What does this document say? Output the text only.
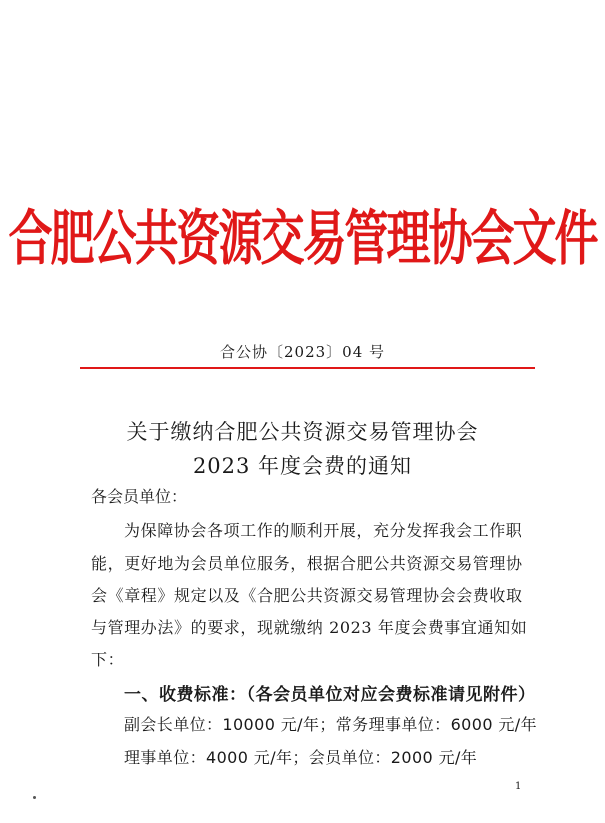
合肥公共资源交易管理协会文件
合公协〔2023〕04 号
关于缴纳合肥公共资源交易管理协会
2023 年度会费的通知
各会员单位：
为保障协会各项工作的顺利开展，充分发挥我会工作职
能，更好地为会员单位服务，根据合肥公共资源交易管理协
会《章程》规定以及《合肥公共资源交易管理协会会费收取
与管理办法》的要求，现就缴纳 2023 年度会费事宜通知如
下：
一、收费标准：（各会员单位对应会费标准请见附件）
副会长单位：10000 元/年；常务理事单位：6000 元/年
理事单位：4000 元/年；会员单位：2000 元/年
1
